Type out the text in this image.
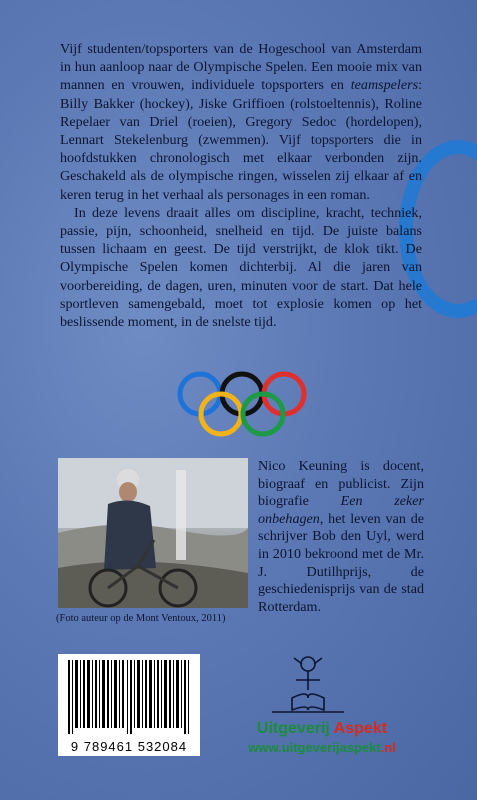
Vijf studenten/topsporters van de Hogeschool van Amsterdam in hun aanloop naar de Olympische Spelen. Een mooie mix van mannen en vrouwen, individuele topsporters en teamspelers: Billy Bakker (hockey), Jiske Griffioen (rolstoeltennis), Roline Repelaer van Driel (roeien), Gregory Sedoc (hordelopen), Lennart Stekelenburg (zwemmen). Vijf topsporters die in hoofdstukken chronologisch met elkaar verbonden zijn. Geschakeld als de olympische ringen, wisselen zij elkaar af en keren terug in het verhaal als personages in een roman.

In deze levens draait alles om discipline, kracht, techniek, passie, pijn, schoonheid, snelheid en tijd. De juiste balans tussen lichaam en geest. De tijd verstrijkt, de klok tikt. De Olympische Spelen komen dichterbij. Al die jaren van voorbereiding, de dagen, uren, minuten voor de start. Dat hele sportleven samengebald, moet tot explosie komen op het beslissende moment, in de snelste tijd.

(Foto auteur op de Mont Ventoux, 2011)
Nico Keuning is docent, biograaf en publicist. Zijn biografie Een zeker onbehagen, het leven van de schrijver Bob den Uyl, werd in 2010 bekroond met de Mr. J. Dutilhprijs, de geschiedenisprijs van de stad Rotterdam.
9 789461 532084
Uitgeverij Aspekt
www.uitgeverijaspekt.nl
